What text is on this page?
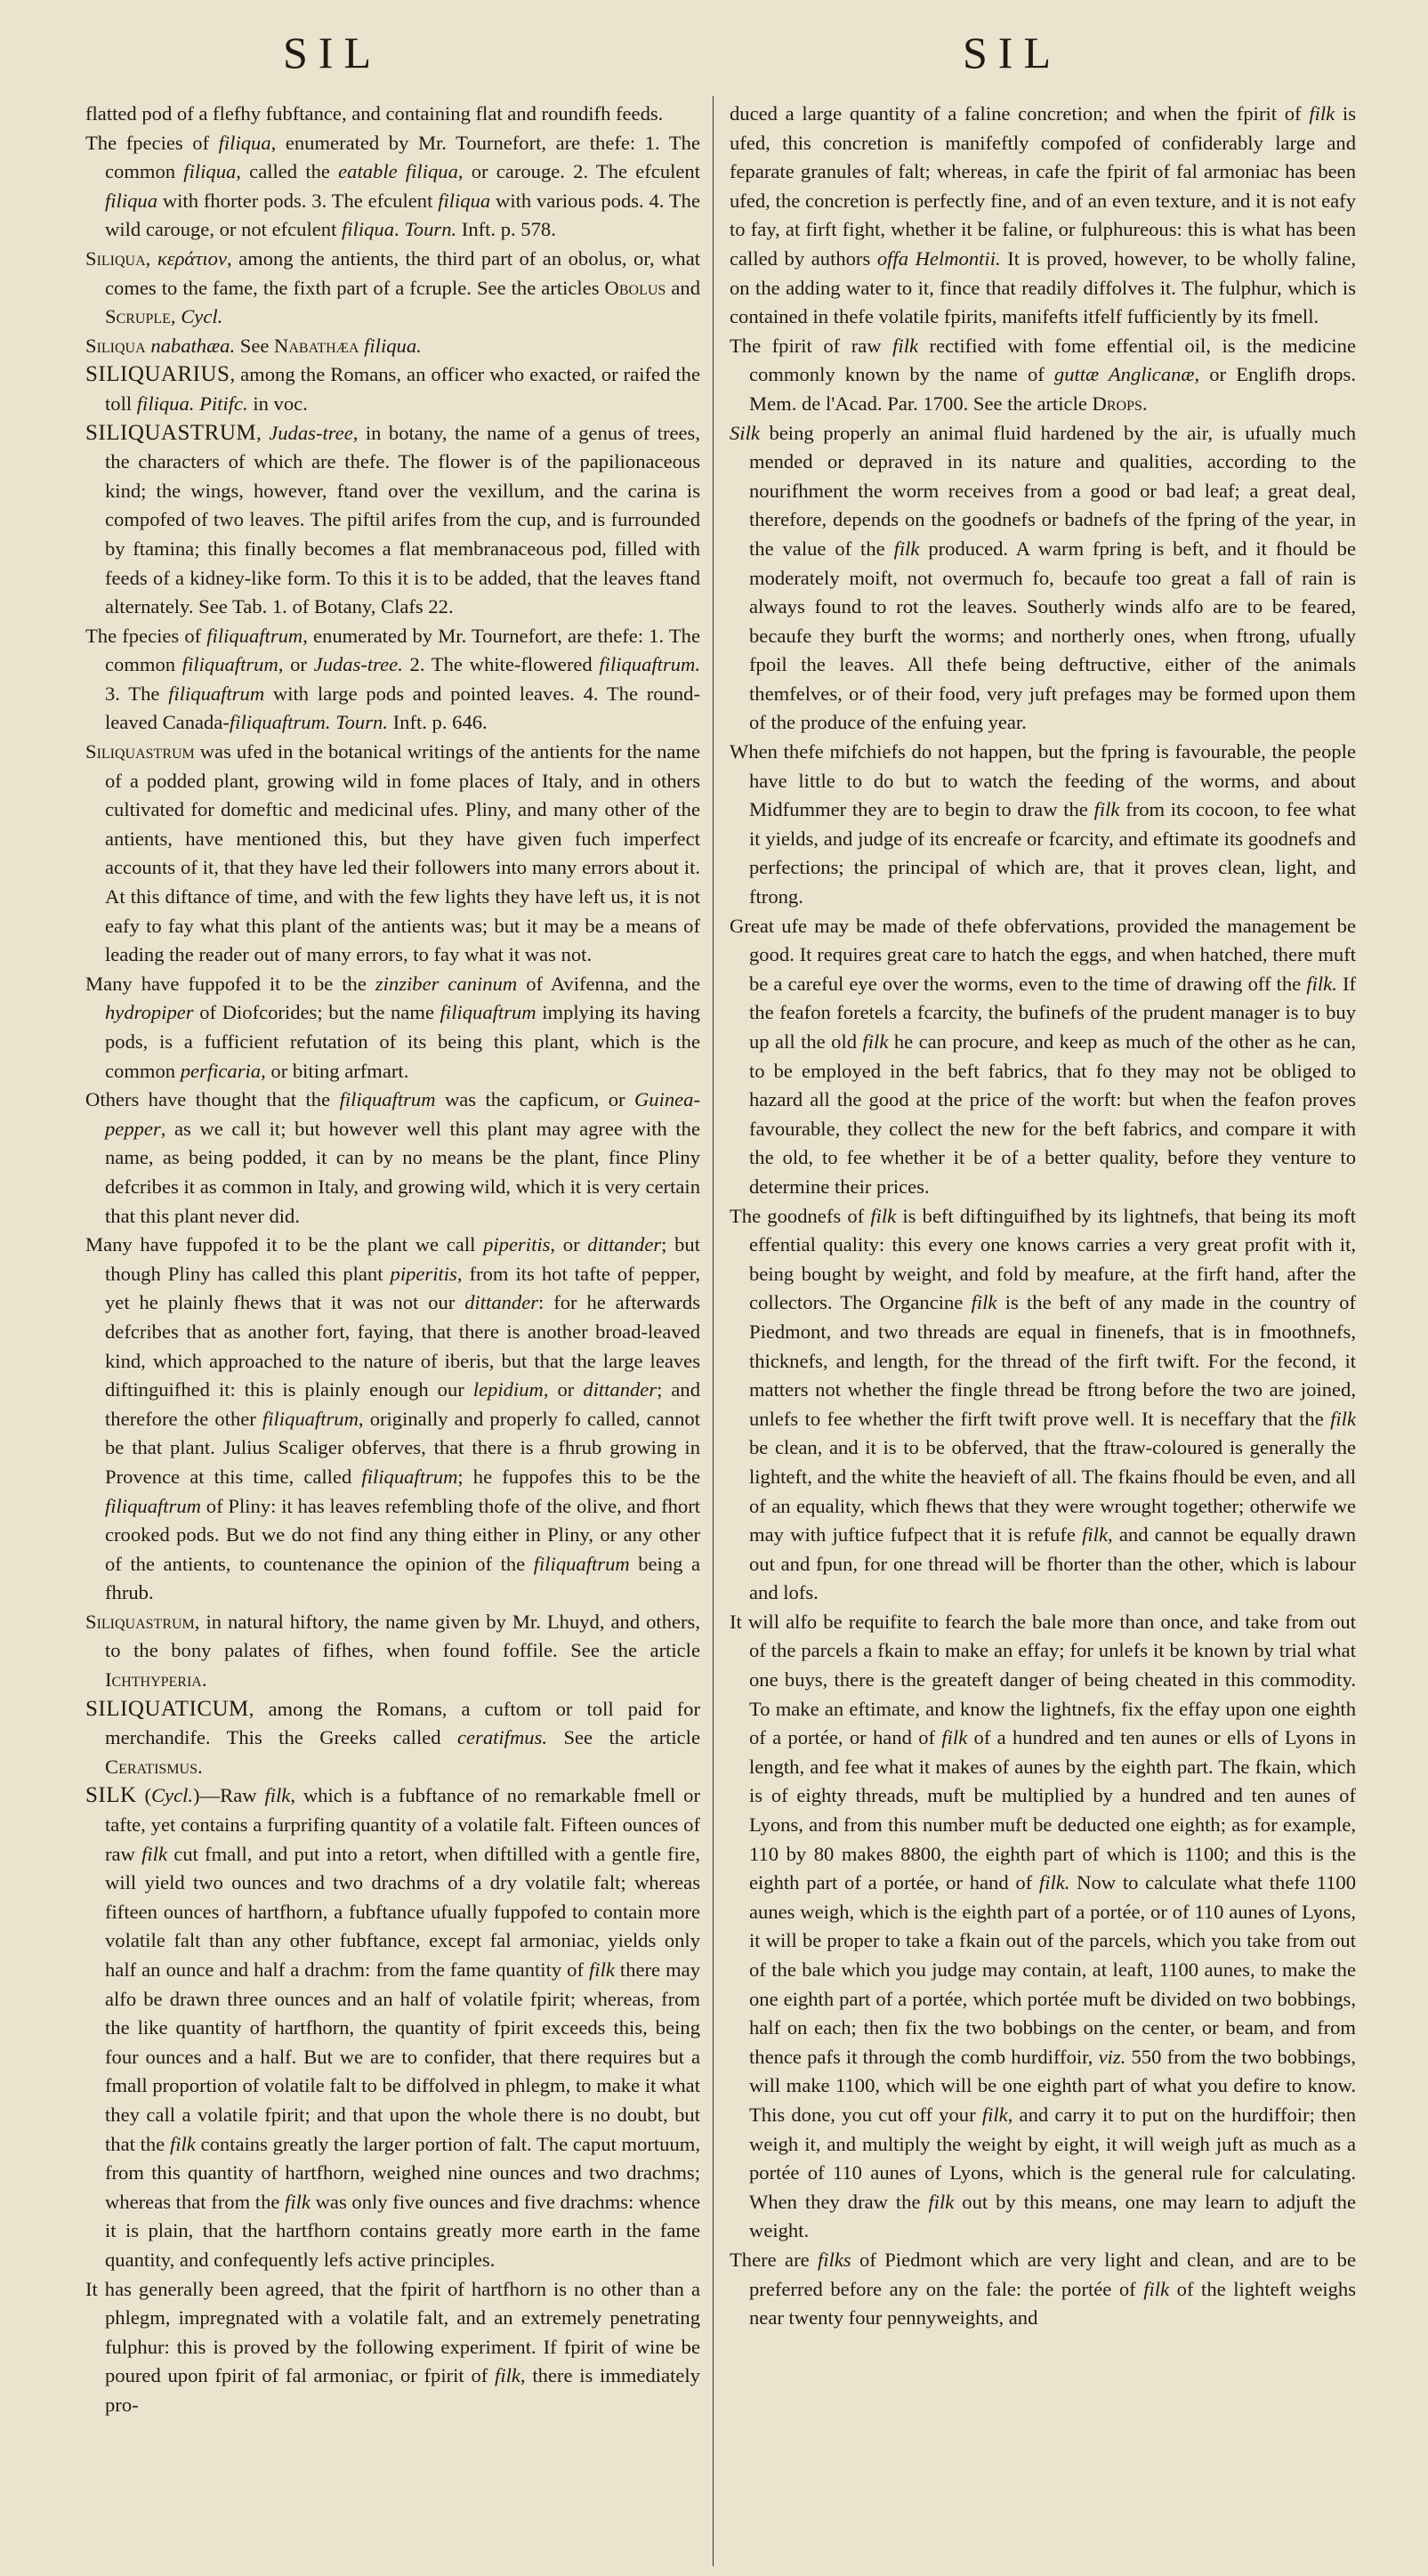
SIL	SIL

flatted pod of a flefhy fubftance, and containing flat and roundifh feeds.

The fpecies of filiqua, enumerated by Mr. Tournefort, are thefe: 1. The common filiqua, called the eatable filiqua, or carouge. 2. The efculent filiqua with fhorter pods. 3. The efculent filiqua with various pods. 4. The wild carouge, or not efculent filiqua. Tourn. Inft. p. 578.

Siliqua, κεράτιον, among the antients, the third part of an obolus, or, what comes to the fame, the fixth part of a fcruple. See the articles Obolus and Scruple, Cycl.

Siliqua nabathæa. See Nabathæa filiqua.

SILIQUARIUS, among the Romans, an officer who exacted, or raifed the toll filiqua. Pitifc. in voc.

SILIQUASTRUM, Judas-tree, in botany, the name of a genus of trees, the characters of which are thefe. The flower is of the papilionaceous kind; the wings, however, ftand over the vexillum, and the carina is compofed of two leaves. The piftil arifes from the cup, and is furrounded by ftamina; this finally becomes a flat membranaceous pod, filled with feeds of a kidney-like form. To this it is to be added, that the leaves ftand alternately. See Tab. 1. of Botany, Clafs 22.

The fpecies of filiquaftrum, enumerated by Mr. Tournefort, are thefe: 1. The common filiquaftrum, or Judas-tree. 2. The white-flowered filiquaftrum. 3. The filiquaftrum with large pods and pointed leaves. 4. The round-leaved Canada-filiquaftrum. Tourn. Inft. p. 646.

Siliquastrum was ufed in the botanical writings of the antients for the name of a podded plant, growing wild in fome places of Italy, and in others cultivated for domeftic and medicinal ufes. Pliny, and many other of the antients, have mentioned this, but they have given fuch imperfect accounts of it, that they have led their followers into many errors about it. At this diftance of time, and with the few lights they have left us, it is not eafy to fay what this plant of the antients was; but it may be a means of leading the reader out of many errors, to fay what it was not.

Many have fuppofed it to be the zinziber caninum of Avifenna, and the hydropiper of Diofcorides; but the name filiquaftrum implying its having pods, is a fufficient refutation of its being this plant, which is the common perficaria, or biting arfmart.

Others have thought that the filiquaftrum was the capficum, or Guinea-pepper, as we call it; but however well this plant may agree with the name, as being podded, it can by no means be the plant, fince Pliny defcribes it as common in Italy, and growing wild, which it is very certain that this plant never did.

Many have fuppofed it to be the plant we call piperitis, or dittander; but though Pliny has called this plant piperitis, from its hot tafte of pepper, yet he plainly fhews that it was not our dittander: for he afterwards defcribes that as another fort, faying, that there is another broad-leaved kind, which approached to the nature of iberis, but that the large leaves diftinguifhed it: this is plainly enough our lepidium, or dittander; and therefore the other filiquaftrum, originally and properly fo called, cannot be that plant. Julius Scaliger obferves, that there is a fhrub growing in Provence at this time, called filiquaftrum; he fuppofes this to be the filiquaftrum of Pliny: it has leaves refembling thofe of the olive, and fhort crooked pods. But we do not find any thing either in Pliny, or any other of the antients, to countenance the opinion of the filiquaftrum being a fhrub.

Siliquastrum, in natural hiftory, the name given by Mr. Lhuyd, and others, to the bony palates of fifhes, when found foffile. See the article Ichthyperia.

SILIQUATICUM, among the Romans, a cuftom or toll paid for merchandife. This the Greeks called ceratifmus. See the article Ceratismus.

SILK (Cycl.)—Raw filk, which is a fubftance of no remarkable fmell or tafte, yet contains a furprifing quantity of a volatile falt. Fifteen ounces of raw filk cut fmall, and put into a retort, when diftilled with a gentle fire, will yield two ounces and two drachms of a dry volatile falt; whereas fifteen ounces of hartfhorn, a fubftance ufually fuppofed to contain more volatile falt than any other fubftance, except fal armoniac, yields only half an ounce and half a drachm: from the fame quantity of filk there may alfo be drawn three ounces and an half of volatile fpirit; whereas, from the like quantity of hartfhorn, the quantity of fpirit exceeds this, being four ounces and a half. But we are to confider, that there requires but a fmall proportion of volatile falt to be diffolved in phlegm, to make it what they call a volatile fpirit; and that upon the whole there is no doubt, but that the filk contains greatly the larger portion of falt. The caput mortuum, from this quantity of hartfhorn, weighed nine ounces and two drachms; whereas that from the filk was only five ounces and five drachms: whence it is plain, that the hartfhorn contains greatly more earth in the fame quantity, and confequently lefs active principles.

It has generally been agreed, that the fpirit of hartfhorn is no other than a phlegm, impregnated with a volatile falt, and an extremely penetrating fulphur: this is proved by the following experiment. If fpirit of wine be poured upon fpirit of fal armoniac, or fpirit of filk, there is immediately pro-

duced a large quantity of a faline concretion; and when the fpirit of filk is ufed, this concretion is manifeftly compofed of confiderably large and feparate granules of falt; whereas, in cafe the fpirit of fal armoniac has been ufed, the concretion is perfectly fine, and of an even texture, and it is not eafy to fay, at firft fight, whether it be faline, or fulphureous: this is what has been called by authors offa Helmontii. It is proved, however, to be wholly faline, on the adding water to it, fince that readily diffolves it. The fulphur, which is contained in thefe volatile fpirits, manifefts itfelf fufficiently by its fmell.

The fpirit of raw filk rectified with fome effential oil, is the medicine commonly known by the name of guttæ Anglicanæ, or Englifh drops. Mem. de l'Acad. Par. 1700. See the article Drops.

Silk being properly an animal fluid hardened by the air, is ufually much mended or depraved in its nature and qualities, according to the nourifhment the worm receives from a good or bad leaf; a great deal, therefore, depends on the goodnefs or badnefs of the fpring of the year, in the value of the filk produced. A warm fpring is beft, and it fhould be moderately moift, not overmuch fo, becaufe too great a fall of rain is always found to rot the leaves. Southerly winds alfo are to be feared, becaufe they burft the worms; and northerly ones, when ftrong, ufually fpoil the leaves. All thefe being deftructive, either of the animals themfelves, or of their food, very juft prefages may be formed upon them of the produce of the enfuing year.

When thefe mifchiefs do not happen, but the fpring is favourable, the people have little to do but to watch the feeding of the worms, and about Midfummer they are to begin to draw the filk from its cocoon, to fee what it yields, and judge of its encreafe or fcarcity, and eftimate its goodnefs and perfections; the principal of which are, that it proves clean, light, and ftrong.

Great ufe may be made of thefe obfervations, provided the management be good. It requires great care to hatch the eggs, and when hatched, there muft be a careful eye over the worms, even to the time of drawing off the filk. If the feafon foretels a fcarcity, the bufinefs of the prudent manager is to buy up all the old filk he can procure, and keep as much of the other as he can, to be employed in the beft fabrics, that fo they may not be obliged to hazard all the good at the price of the worft: but when the feafon proves favourable, they collect the new for the beft fabrics, and compare it with the old, to fee whether it be of a better quality, before they venture to determine their prices.

The goodnefs of filk is beft diftinguifhed by its lightnefs, that being its moft effential quality: this every one knows carries a very great profit with it, being bought by weight, and fold by meafure, at the firft hand, after the collectors. The Organcine filk is the beft of any made in the country of Piedmont, and two threads are equal in finenefs, that is in fmoothnefs, thicknefs, and length, for the thread of the firft twift. For the fecond, it matters not whether the fingle thread be ftrong before the two are joined, unlefs to fee whether the firft twift prove well. It is neceffary that the filk be clean, and it is to be obferved, that the ftraw-coloured is generally the lighteft, and the white the heavieft of all. The fkains fhould be even, and all of an equality, which fhews that they were wrought together; otherwife we may with juftice fufpect that it is refufe filk, and cannot be equally drawn out and fpun, for one thread will be fhorter than the other, which is labour and lofs.

It will alfo be requifite to fearch the bale more than once, and take from out of the parcels a fkain to make an effay; for unlefs it be known by trial what one buys, there is the greateft danger of being cheated in this commodity. To make an eftimate, and know the lightnefs, fix the effay upon one eighth of a portée, or hand of filk of a hundred and ten aunes or ells of Lyons in length, and fee what it makes of aunes by the eighth part. The fkain, which is of eighty threads, muft be multiplied by a hundred and ten aunes of Lyons, and from this number muft be deducted one eighth; as for example, 110 by 80 makes 8800, the eighth part of which is 1100; and this is the eighth part of a portée, or hand of filk. Now to calculate what thefe 1100 aunes weigh, which is the eighth part of a portée, or of 110 aunes of Lyons, it will be proper to take a fkain out of the parcels, which you take from out of the bale which you judge may contain, at leaft, 1100 aunes, to make the one eighth part of a portée, which portée muft be divided on two bobbings, half on each; then fix the two bobbings on the center, or beam, and from thence pafs it through the comb hurdiffoir, viz. 550 from the two bobbings, will make 1100, which will be one eighth part of what you defire to know. This done, you cut off your filk, and carry it to put on the hurdiffoir; then weigh it, and multiply the weight by eight, it will weigh juft as much as a portée of 110 aunes of Lyons, which is the general rule for calculating. When they draw the filk out by this means, one may learn to adjuft the weight.

There are filks of Piedmont which are very light and clean, and are to be preferred before any on the fale: the portée of filk of the lighteft weighs near twenty four pennyweights, and
